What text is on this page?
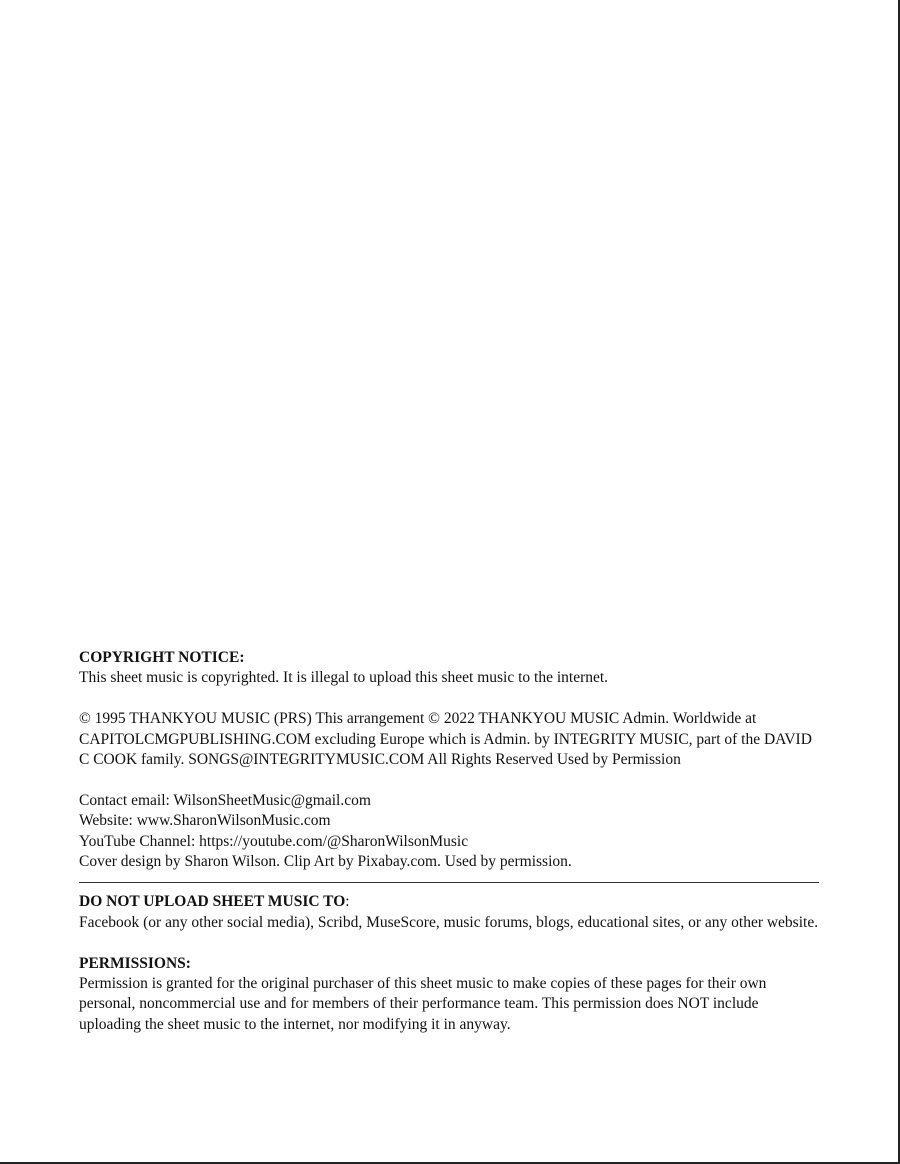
COPYRIGHT NOTICE:

This sheet music is copyrighted. It is illegal to upload this sheet music to the internet.

© 1995 THANKYOU MUSIC (PRS) This arrangement © 2022 THANKYOU MUSIC Admin. Worldwide at CAPITOLCMGPUBLISHING.COM excluding Europe which is Admin. by INTEGRITY MUSIC, part of the DAVID C COOK family. SONGS@INTEGRITYMUSIC.COM All Rights Reserved Used by Permission

Contact email: WilsonSheetMusic@gmail.com

Website: www.SharonWilsonMusic.com

YouTube Channel: https://youtube.com/@SharonWilsonMusic

Cover design by Sharon Wilson. Clip Art by Pixabay.com. Used by permission.

DO NOT UPLOAD SHEET MUSIC TO:

Facebook (or any other social media), Scribd, MuseScore, music forums, blogs, educational sites, or any other website.

PERMISSIONS:

Permission is granted for the original purchaser of this sheet music to make copies of these pages for their own personal, noncommercial use and for members of their performance team. This permission does NOT include uploading the sheet music to the internet, nor modifying it in anyway.
